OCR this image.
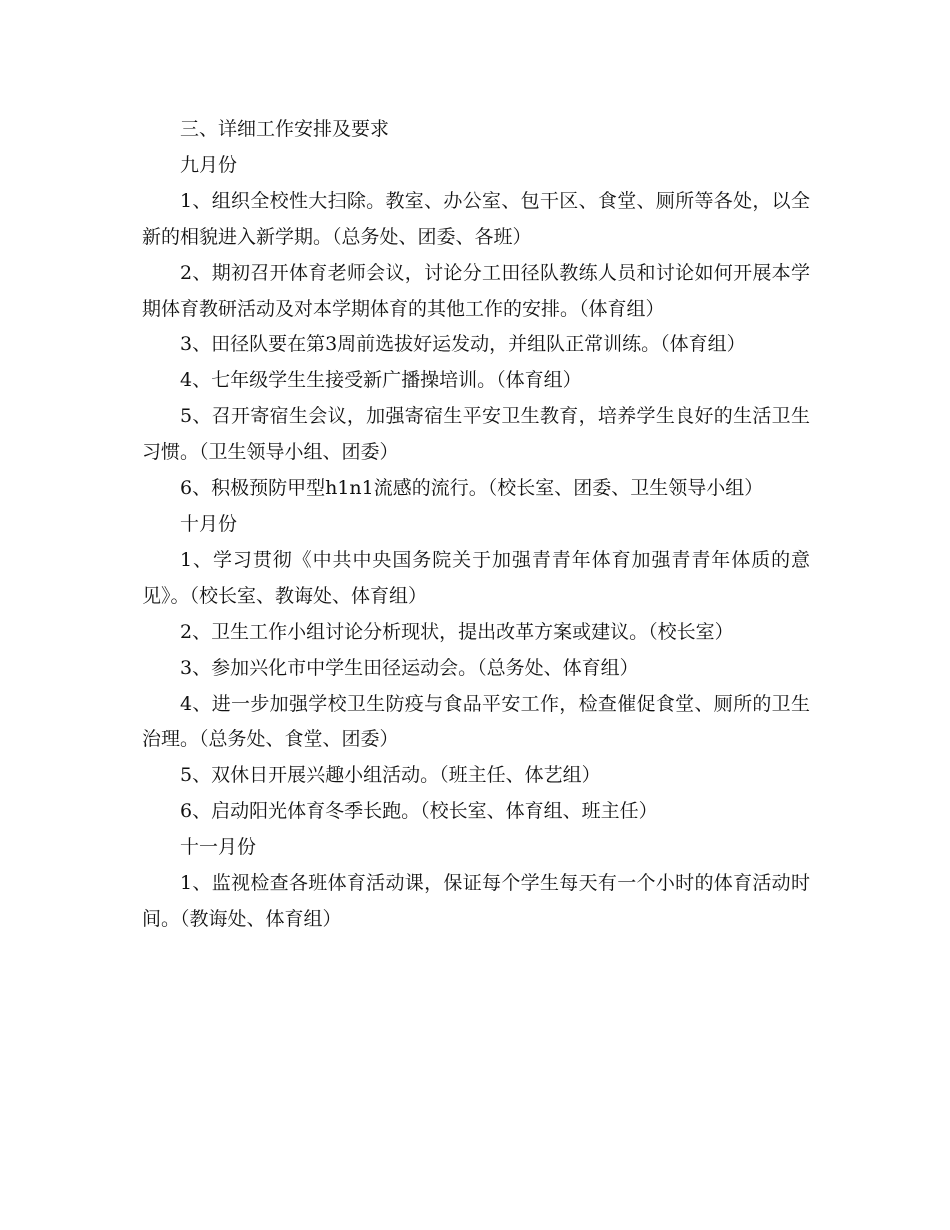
三、详细工作安排及要求

九月份

1、组织全校性大扫除。教室、办公室、包干区、食堂、厕所等各处，以全新的相貌进入新学期。（总务处、团委、各班）

2、期初召开体育老师会议，讨论分工田径队教练人员和讨论如何开展本学期体育教研活动及对本学期体育的其他工作的安排。（体育组）

3、田径队要在第3周前选拔好运发动，并组队正常训练。（体育组）

4、七年级学生生接受新广播操培训。（体育组）

5、召开寄宿生会议，加强寄宿生平安卫生教育，培养学生良好的生活卫生习惯。（卫生领导小组、团委）

6、积极预防甲型h1n1流感的流行。（校长室、团委、卫生领导小组）

十月份

1、学习贯彻《中共中央国务院关于加强青青年体育加强青青年体质的意见》。（校长室、教诲处、体育组）

2、卫生工作小组讨论分析现状，提出改革方案或建议。（校长室）

3、参加兴化市中学生田径运动会。（总务处、体育组）

4、进一步加强学校卫生防疫与食品平安工作，检查催促食堂、厕所的卫生治理。（总务处、食堂、团委）

5、双休日开展兴趣小组活动。（班主任、体艺组）

6、启动阳光体育冬季长跑。（校长室、体育组、班主任）

十一月份

1、监视检查各班体育活动课，保证每个学生每天有一个小时的体育活动时间。（教诲处、体育组）
